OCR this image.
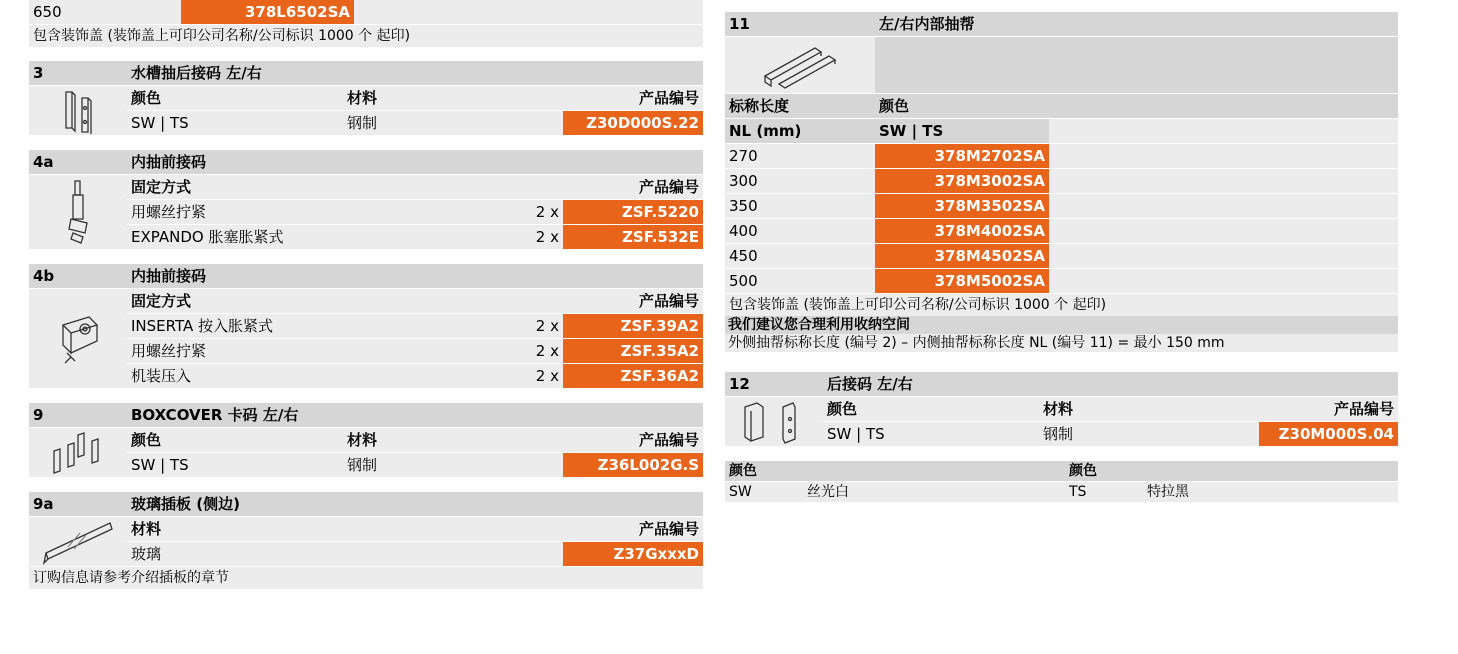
650	378L6502SA		
包含装饰盖 (装饰盖上可印公司名称/公司标识 1000 个 起印)
3	水槽抽后接码 左/右		

	颜色	材料	产品编号
	SW | TS	钢制	Z30D000S.22
4a	内抽前接码		

	固定方式		产品编号
	用螺丝拧紧	2 x	ZSF.5220
	EXPANDO 胀塞胀紧式	2 x	ZSF.532E
4b	内抽前接码		

	固定方式		产品编号
	INSERTA 按入胀紧式	2 x	ZSF.39A2
	用螺丝拧紧	2 x	ZSF.35A2
	机装压入	2 x	ZSF.36A2
9	BOXCOVER 卡码 左/右		

	颜色	材料	产品编号
	SW | TS	钢制	Z36L002G.S
9a	玻璃插板 (侧边)	

	材料	产品编号
	玻璃	Z37GxxxD
订购信息请参考介绍插板的章节
11	左/右内部抽帮		

标称长度	颜色		
NL (mm)	SW | TS		
270	378M2702SA		
300	378M3002SA		
350	378M3502SA		
400	378M4002SA		
450	378M4502SA		
500	378M5002SA		
包含装饰盖 (装饰盖上可印公司名称/公司标识 1000 个 起印)
我们建议您合理利用收纳空间
外侧抽帮标称长度 (编号 2) – 内侧抽帮标称长度 NL (编号 11) = 最小 150 mm
12	后接码 左/右		

	颜色	材料	产品编号
	SW | TS	钢制	Z30M000S.04
颜色		颜色	
SW	丝光白	TS	特拉黑
